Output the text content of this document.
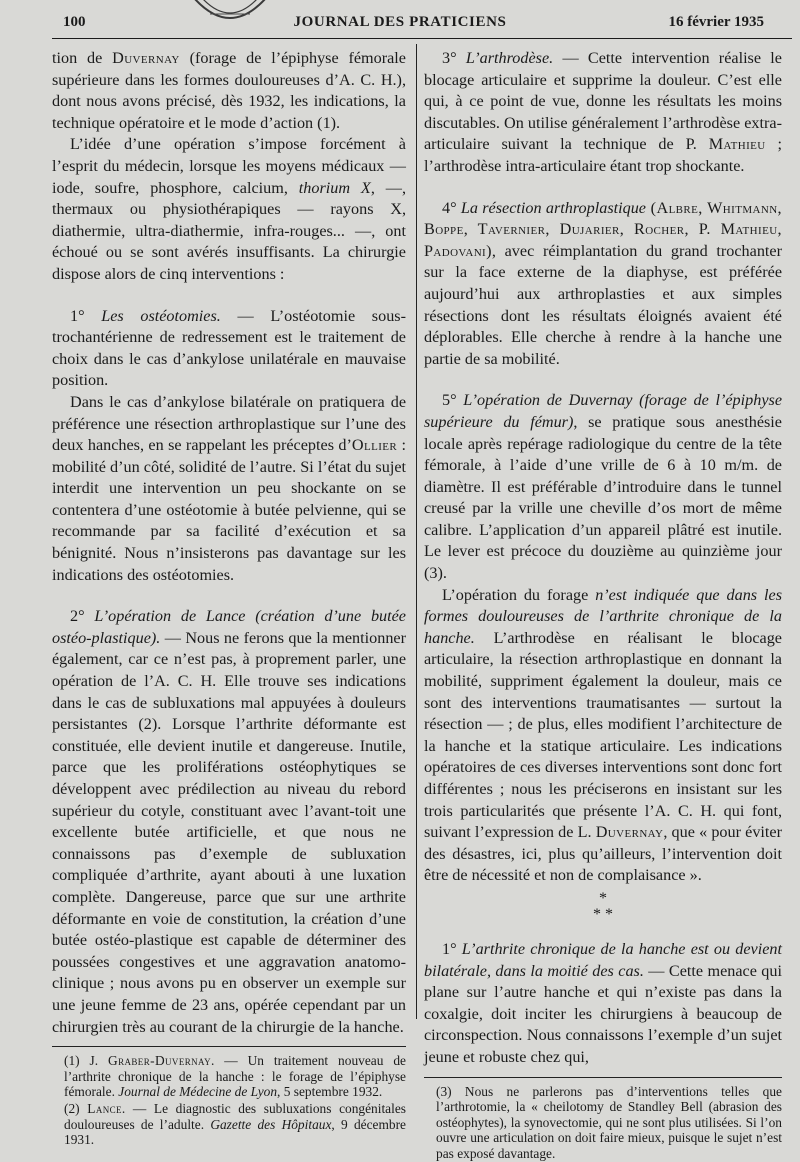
100	JOURNAL DES PRATICIENS	16 février 1935

tion de Duvernay (forage de l’épiphyse fémorale supérieure dans les formes douloureuses d’A. C. H.), dont nous avons précisé, dès 1932, les indications, la technique opératoire et le mode d’action (1).

L’idée d’une opération s’impose forcément à l’esprit du médecin, lorsque les moyens médicaux — iode, soufre, phosphore, calcium, thorium X, —, thermaux ou physiothérapiques — rayons X, diathermie, ultra-diathermie, infra-rouges... —, ont échoué ou se sont avérés insuffisants. La chirurgie dispose alors de cinq interventions :

1° Les ostéotomies. — L’ostéotomie sous-trochantérienne de redressement est le traitement de choix dans le cas d’ankylose unilatérale en mauvaise position.

Dans le cas d’ankylose bilatérale on pratiquera de préférence une résection arthroplastique sur l’une des deux hanches, en se rappelant les préceptes d’Ollier : mobilité d’un côté, solidité de l’autre. Si l’état du sujet interdit une intervention un peu shockante on se contentera d’une ostéotomie à butée pelvienne, qui se recommande par sa facilité d’exécution et sa bénignité. Nous n’insisterons pas davantage sur les indications des ostéotomies.

2° L’opération de Lance (création d’une butée ostéo-plastique). — Nous ne ferons que la mentionner également, car ce n’est pas, à proprement parler, une opération de l’A. C. H. Elle trouve ses indications dans le cas de subluxations mal appuyées à douleurs persistantes (2). Lorsque l’arthrite déformante est constituée, elle devient inutile et dangereuse. Inutile, parce que les proliférations ostéophytiques se développent avec prédilection au niveau du rebord supérieur du cotyle, constituant avec l’avant-toit une excellente butée artificielle, et que nous ne connaissons pas d’exemple de subluxation compliquée d’arthrite, ayant abouti à une luxation complète. Dangereuse, parce que sur une arthrite déformante en voie de constitution, la création d’une butée ostéo-plastique est capable de déterminer des poussées congestives et une aggravation anatomo-clinique ; nous avons pu en observer un exemple sur une jeune femme de 23 ans, opérée cependant par un chirurgien très au courant de la chirurgie de la hanche.

(1) J. Graber-Duvernay. — Un traitement nouveau de l’arthrite chronique de la hanche : le forage de l’épiphyse fémorale. Journal de Médecine de Lyon, 5 septembre 1932.

(2) Lance. — Le diagnostic des subluxations congénitales douloureuses de l’adulte. Gazette des Hôpitaux, 9 décembre 1931.

3° L’arthrodèse. — Cette intervention réalise le blocage articulaire et supprime la douleur. C’est elle qui, à ce point de vue, donne les résultats les moins discutables. On utilise généralement l’arthrodèse extra-articulaire suivant la technique de P. Mathieu ; l’arthrodèse intra-articulaire étant trop shockante.

4° La résection arthroplastique (Albre, Whitmann, Boppe, Tavernier, Dujarier, Rocher, P. Mathieu, Padovani), avec réimplantation du grand trochanter sur la face externe de la diaphyse, est préférée aujourd’hui aux arthroplasties et aux simples résections dont les résultats éloignés avaient été déplorables. Elle cherche à rendre à la hanche une partie de sa mobilité.

5° L’opération de Duvernay (forage de l’épiphyse supérieure du fémur), se pratique sous anesthésie locale après repérage radiologique du centre de la tête fémorale, à l’aide d’une vrille de 6 à 10 m/m. de diamètre. Il est préférable d’introduire dans le tunnel creusé par la vrille une cheville d’os mort de même calibre. L’application d’un appareil plâtré est inutile. Le lever est précoce du douzième au quinzième jour (3).

L’opération du forage n’est indiquée que dans les formes douloureuses de l’arthrite chronique de la hanche. L’arthrodèse en réalisant le blocage articulaire, la résection arthroplastique en donnant la mobilité, suppriment également la douleur, mais ce sont des interventions traumatisantes — surtout la résection — ; de plus, elles modifient l’architecture de la hanche et la statique articulaire. Les indications opératoires de ces diverses interventions sont donc fort différentes ; nous les préciserons en insistant sur les trois particularités que présente l’A. C. H. qui font, suivant l’expression de L. Duvernay, que « pour éviter des désastres, ici, plus qu’ailleurs, l’intervention doit être de nécessité et non de complaisance ».

*
* *

1° L’arthrite chronique de la hanche est ou devient bilatérale, dans la moitié des cas. — Cette menace qui plane sur l’autre hanche et qui n’existe pas dans la coxalgie, doit inciter les chirurgiens à beaucoup de circonspection. Nous connaissons l’exemple d’un sujet jeune et robuste chez qui,

(3) Nous ne parlerons pas d’interventions telles que l’arthrotomie, la « cheilotomy de Standley Bell (abrasion des ostéophytes), la synovectomie, qui ne sont plus utilisées. Si l’on ouvre une articulation on doit faire mieux, puisque le sujet n’est pas exposé davantage.
